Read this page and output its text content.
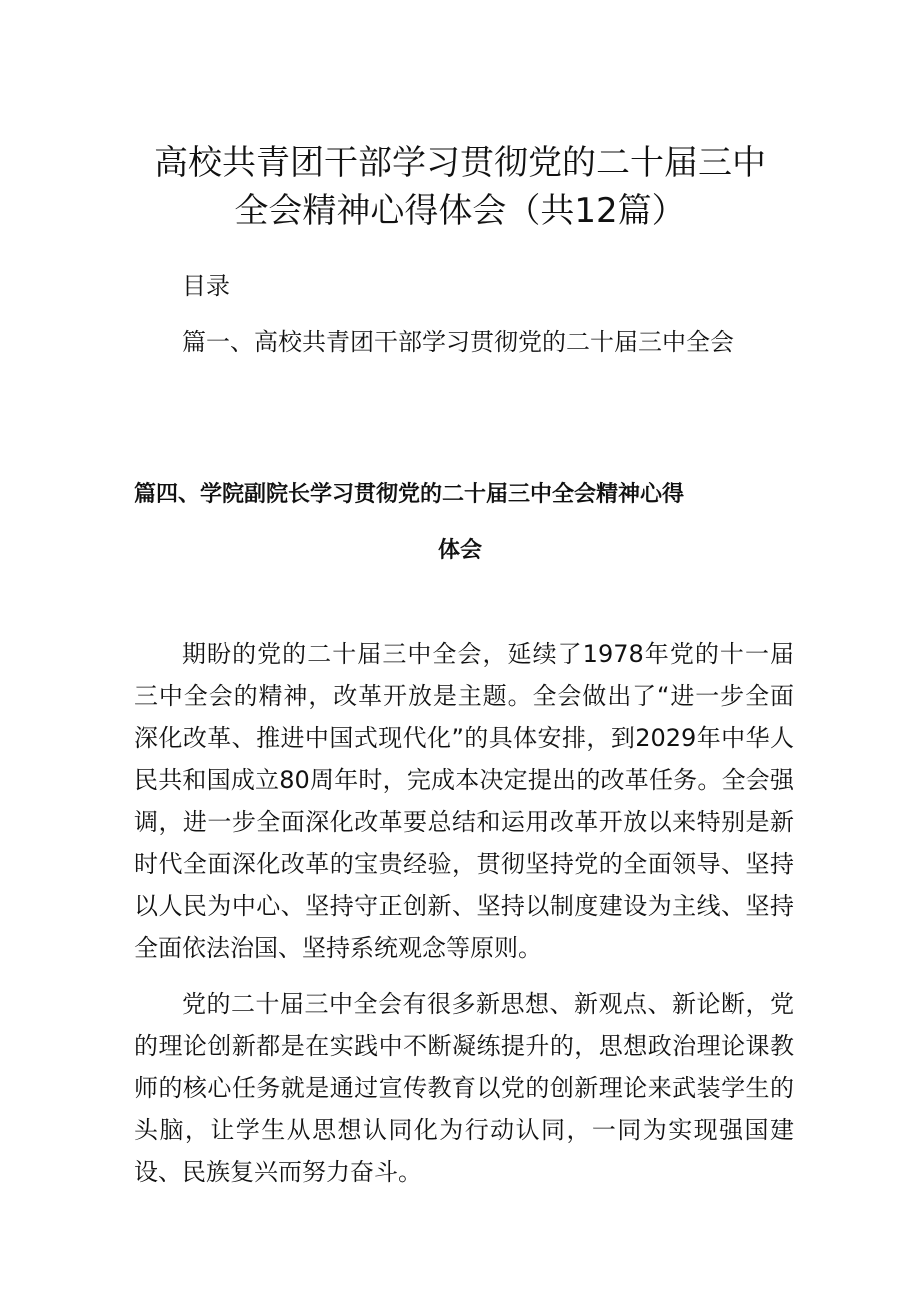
高校共青团干部学习贯彻党的二十届三中
全会精神心得体会（共12篇）
目录
篇一、高校共青团干部学习贯彻党的二十届三中全会
篇四、学院副院长学习贯彻党的二十届三中全会精神心得
体会

期盼的党的二十届三中全会，延续了1978年党的十一届三中全会的精神，改革开放是主题。全会做出了“进一步全面深化改革、推进中国式现代化”的具体安排，到2029年中华人民共和国成立80周年时，完成本决定提出的改革任务。全会强调，进一步全面深化改革要总结和运用改革开放以来特别是新时代全面深化改革的宝贵经验，贯彻坚持党的全面领导、坚持以人民为中心、坚持守正创新、坚持以制度建设为主线、坚持全面依法治国、坚持系统观念等原则。

党的二十届三中全会有很多新思想、新观点、新论断，党的理论创新都是在实践中不断凝练提升的，思想政治理论课教师的核心任务就是通过宣传教育以党的创新理论来武装学生的头脑，让学生从思想认同化为行动认同，一同为实现强国建设、民族复兴而努力奋斗。
